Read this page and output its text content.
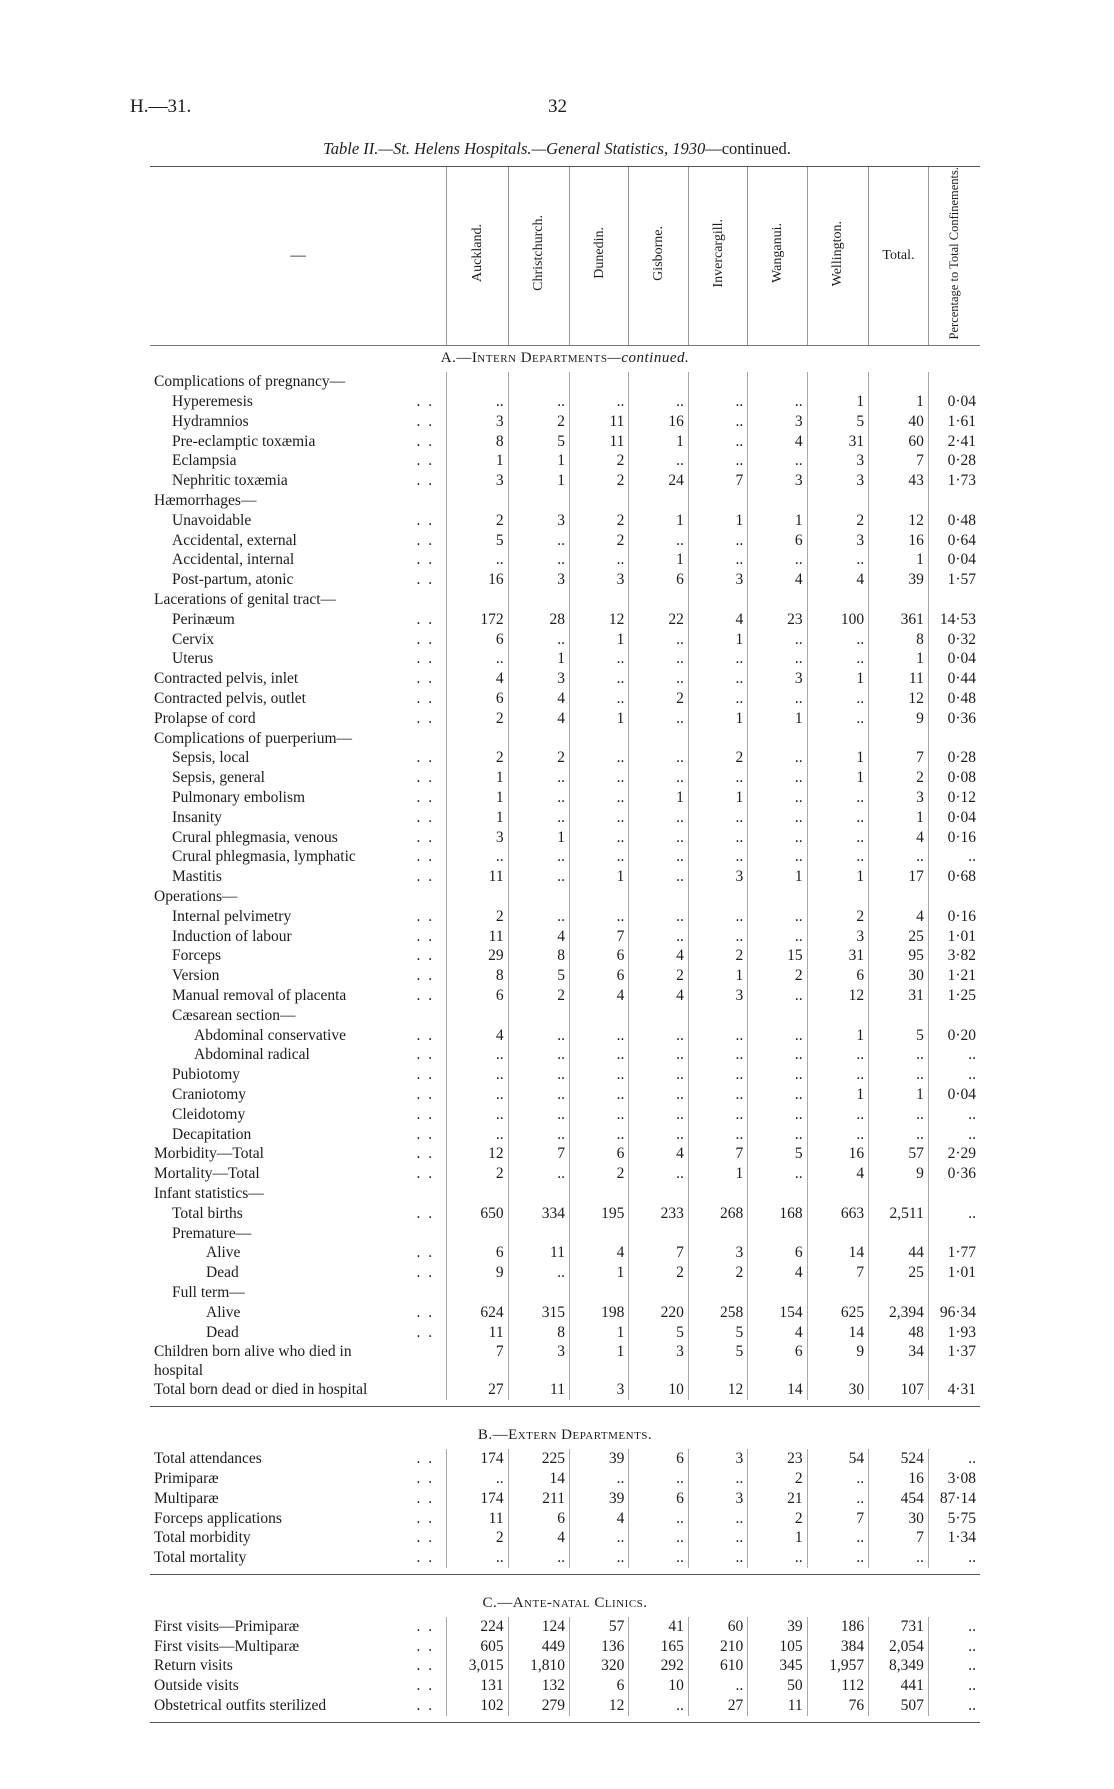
H.—31.	32
Table II.—St. Helens Hospitals.—General Statistics, 1930—continued.
—	Auckland.	Christchurch.	Dunedin.	Gisborne.	Invercargill.	Wanganui.	Wellington.	Total.	Percentage to Total Confinements.
A.—Intern Departments—continued.									
Complications of pregnancy—									
Hyperemesis . .	..	..	..	..	..	..	1	1	0·04
Hydramnios . .	3	2	11	16	..	3	5	40	1·61
Pre-eclamptic toxæmia . .	8	5	11	1	..	4	31	60	2·41
Eclampsia . .	1	1	2	..	..	..	3	7	0·28
Nephritic toxæmia . .	3	1	2	24	7	3	3	43	1·73
Hæmorrhages—									
Unavoidable . .	2	3	2	1	1	1	2	12	0·48
Accidental, external . .	5	..	2	..	..	6	3	16	0·64
Accidental, internal . .	..	..	..	1	..	..	..	1	0·04
Post-partum, atonic . .	16	3	3	6	3	4	4	39	1·57
Lacerations of genital tract—									
Perinæum . .	172	28	12	22	4	23	100	361	14·53
Cervix . .	6	..	1	..	1	..	..	8	0·32
Uterus . .	..	1	..	..	..	..	..	1	0·04
Contracted pelvis, inlet . .	4	3	..	..	..	3	1	11	0·44
Contracted pelvis, outlet . .	6	4	..	2	..	..	..	12	0·48
Prolapse of cord . .	2	4	1	..	1	1	..	9	0·36
Complications of puerperium—									
Sepsis, local . .	2	2	..	..	2	..	1	7	0·28
Sepsis, general . .	1	..	..	..	..	..	1	2	0·08
Pulmonary embolism . .	1	..	..	1	1	..	..	3	0·12
Insanity . .	1	..	..	..	..	..	..	1	0·04
Crural phlegmasia, venous . .	3	1	..	..	..	..	..	4	0·16
Crural phlegmasia, lymphatic . .	..	..	..	..	..	..	..	..	..
Mastitis . .	11	..	1	..	3	1	1	17	0·68
Operations—									
Internal pelvimetry . .	2	..	..	..	..	..	2	4	0·16
Induction of labour . .	11	4	7	..	..	..	3	25	1·01
Forceps . .	29	8	6	4	2	15	31	95	3·82
Version . .	8	5	6	2	1	2	6	30	1·21
Manual removal of placenta . .	6	2	4	4	3	..	12	31	1·25
Cæsarean section—									
Abdominal conservative . .	4	..	..	..	..	..	1	5	0·20
Abdominal radical . .	..	..	..	..	..	..	..	..	..
Pubiotomy . .	..	..	..	..	..	..	..	..	..
Craniotomy . .	..	..	..	..	..	..	1	1	0·04
Cleidotomy . .	..	..	..	..	..	..	..	..	..
Decapitation . .	..	..	..	..	..	..	..	..	..
Morbidity—Total . .	12	7	6	4	7	5	16	57	2·29
Mortality—Total . .	2	..	2	..	1	..	4	9	0·36
Infant statistics—									
Total births . .	650	334	195	233	268	168	663	2,511	..
Premature—									
Alive . .	6	11	4	7	3	6	14	44	1·77
Dead . .	9	..	1	2	2	4	7	25	1·01
Full term—									
Alive . .	624	315	198	220	258	154	625	2,394	96·34
Dead . .	11	8	1	5	5	4	14	48	1·93
Children born alive who died in
hospital	7	3	1	3	5	6	9	34	1·37
Total born dead or died in hospital	27	11	3	10	12	14	30	107	4·31

B.—Extern Departments.									
Total attendances . .	174	225	39	6	3	23	54	524	..
Primiparæ . .	..	14	..	..	..	2	..	16	3·08
Multiparæ . .	174	211	39	6	3	21	..	454	87·14
Forceps applications . .	11	6	4	..	..	2	7	30	5·75
Total morbidity . .	2	4	..	..	..	1	..	7	1·34
Total mortality . .	..	..	..	..	..	..	..	..	..

C.—Ante-natal Clinics.									
First visits—Primiparæ . .	224	124	57	41	60	39	186	731	..
First visits—Multiparæ . .	605	449	136	165	210	105	384	2,054	..
Return visits . .	3,015	1,810	320	292	610	345	1,957	8,349	..
Outside visits . .	131	132	6	10	..	50	112	441	..
Obstetrical outfits sterilized . .	102	279	12	..	27	11	76	507	..
